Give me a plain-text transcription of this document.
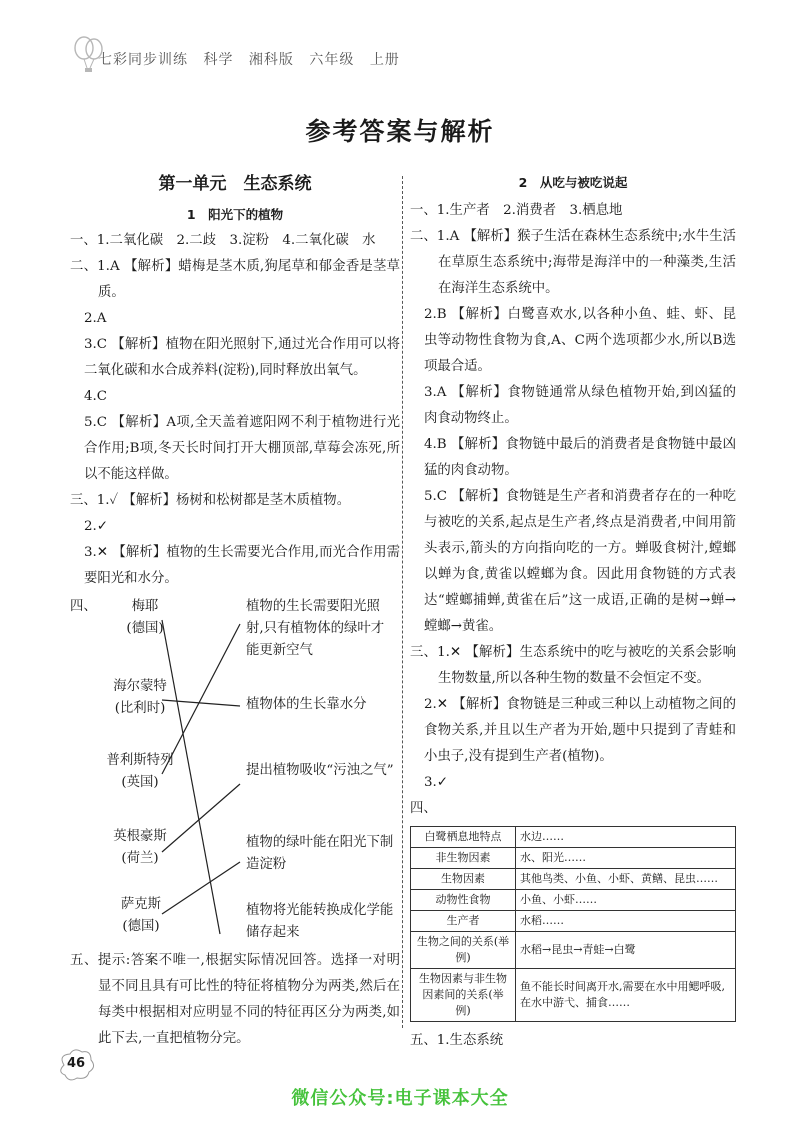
七彩同步训练 科学 湘科版 六年级 上册
参考答案与解析
第一单元　生态系统
1　阳光下的植物

一、1.二氧化碳　2.二歧　3.淀粉　4.二氧化碳　水

二、1.A 【解析】蜡梅是茎木质,狗尾草和郁金香是茎草质。

2.A

3.C 【解析】植物在阳光照射下,通过光合作用可以将二氧化碳和水合成养料(淀粉),同时释放出氧气。

4.C

5.C 【解析】A项,全天盖着遮阳网不利于植物进行光合作用;B项,冬天长时间打开大棚顶部,草莓会冻死,所以不能这样做。

三、1.✓ 【解析】杨树和松树都是茎木质植物。

2.✓

3.✕ 【解析】植物的生长需要光合作用,而光合作用需要阳光和水分。

四、	梅耶
(德国)
海尔蒙特
(比利时)
普利斯特列
(英国)
英根豪斯
(荷兰)
萨克斯
(德国)
植物的生长需要阳光照射,只有植物体的绿叶才能更新空气
植物体的生长靠水分
提出植物吸收“污浊之气”
植物的绿叶能在阳光下制造淀粉
植物将光能转换成化学能储存起来

五、提示:答案不唯一,根据实际情况回答。选择一对明显不同且具有可比性的特征将植物分为两类,然后在每类中根据相对应明显不同的特征再区分为两类,如此下去,一直把植物分完。

2　从吃与被吃说起

一、1.生产者　2.消费者　3.栖息地

二、1.A 【解析】猴子生活在森林生态系统中;水牛生活在草原生态系统中;海带是海洋中的一种藻类,生活在海洋生态系统中。

2.B 【解析】白鹭喜欢水,以各种小鱼、蛙、虾、昆虫等动物性食物为食,A、C两个选项都少水,所以B选项最合适。

3.A 【解析】食物链通常从绿色植物开始,到凶猛的肉食动物终止。

4.B 【解析】食物链中最后的消费者是食物链中最凶猛的肉食动物。

5.C 【解析】食物链是生产者和消费者存在的一种吃与被吃的关系,起点是生产者,终点是消费者,中间用箭头表示,箭头的方向指向吃的一方。蝉吸食树汁,螳螂以蝉为食,黄雀以螳螂为食。因此用食物链的方式表达“螳螂捕蝉,黄雀在后”这一成语,正确的是树→蝉→螳螂→黄雀。

三、1.✕ 【解析】生态系统中的吃与被吃的关系会影响生物数量,所以各种生物的数量不会恒定不变。

2.✕ 【解析】食物链是三种或三种以上动植物之间的食物关系,并且以生产者为开始,题中只提到了青蛙和小虫子,没有提到生产者(植物)。

3.✓

四、

白鹭栖息地特点	水边……
非生物因素	水、阳光……
生物因素	其他鸟类、小鱼、小虾、黄鳝、昆虫……
动物性食物	小鱼、小虾……
生产者	水稻……
生物之间的关系(举例)	水稻→昆虫→青蛙→白鹭
生物因素与非生物因素间的关系(举例)	鱼不能长时间离开水,需要在水中用鳃呼吸,在水中游弋、捕食……

五、1.生态系统

46
微信公众号:电子课本大全
